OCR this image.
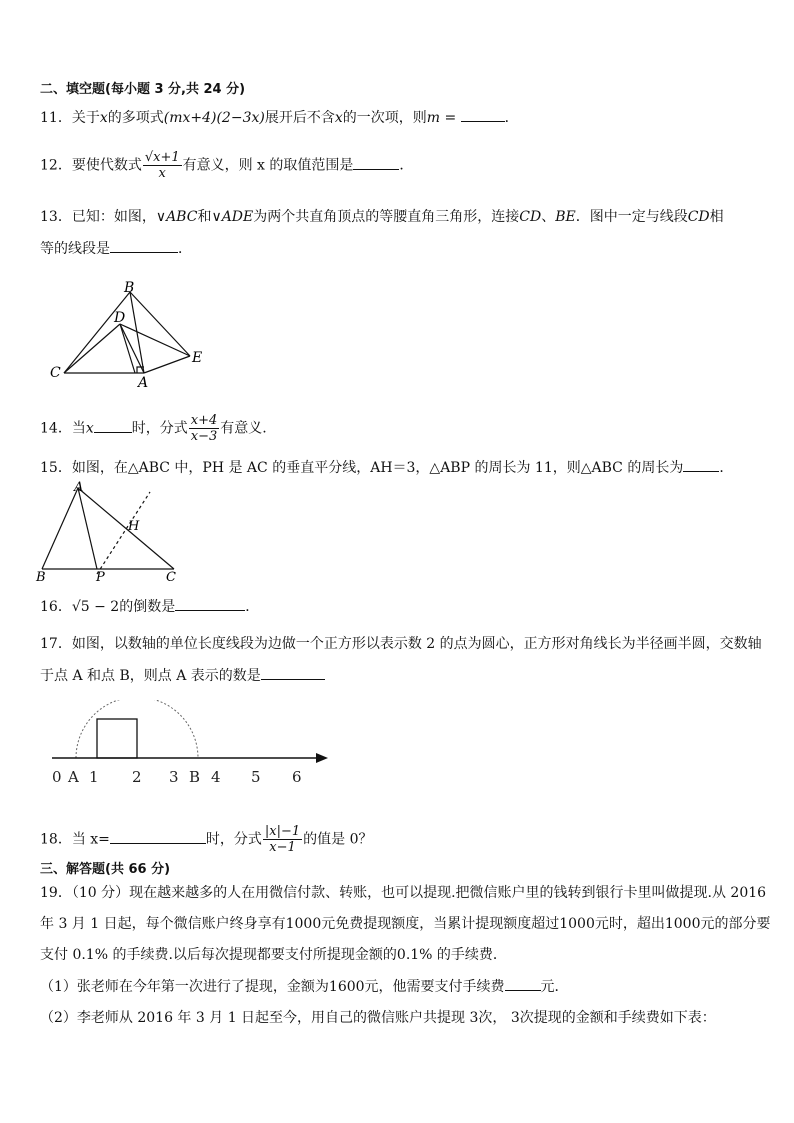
二、填空题(每小题 3 分,共 24 分)
11．关于x的多项式(mx+4)(2−3x)展开后不含x的一次项，则m =	．
12．要使代数式 $\frac{√x+1}{x}$ 有意义，则 x 的取值范围是	．
13．已知：如图，∨ABC和∨ADE为两个共直角顶点的等腰直角三角形，连接CD、BE．图中一定与线段CD相
等的线段是	．
B
D
C
A
E
14．当x	时，分式 $\frac{x+4}{x-3}$ 有意义.
15．如图，在△ABC 中，PH 是 AC 的垂直平分线，AH＝3，△ABP 的周长为 11，则△ABC 的周长为	．
A
H
B	P	C
16．√5 − 2的倒数是	．
17．如图，以数轴的单位长度线段为边做一个正方形以表示数 2 的点为圆心，正方形对角线长为半径画半圆，交数轴
于点 A 和点 B，则点 A 表示的数是
0 A 1 2 3 B 4 5 6
18．当 x=	时，分式 $\frac{|x|-1}{x-1}$ 的值是 0？
三、解答题(共 66 分)
19．（10 分）现在越来越多的人在用微信付款、转账，也可以提现.把微信账户里的钱转到银行卡里叫做提现.从 2016
年 3 月 1 日起，每个微信账户终身享有1000元免费提现额度，当累计提现额度超过1000元时，超出1000元的部分要
支付 0.1% 的手续费.以后每次提现都要支付所提现金额的0.1% 的手续费．
（1）张老师在今年第一次进行了提现，金额为1600元，他需要支付手续费	元．
（2）李老师从 2016 年 3 月 1 日起至今，用自己的微信账户共提现 3次， 3次提现的金额和手续费如下表：
